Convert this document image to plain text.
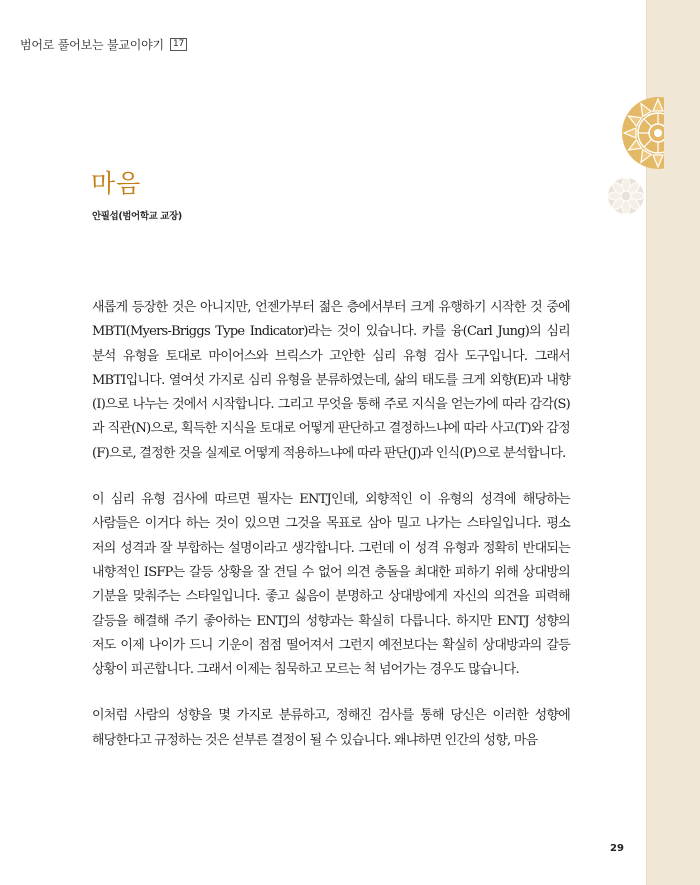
범어로 풀어보는 불교이야기	17
마음
안필섭(범어학교 교장)

새롭게 등장한 것은 아니지만, 언젠가부터 젊은 층에서부터 크게 유행하기 시작한 것 중에 MBTI(Myers-Briggs Type Indicator)라는 것이 있습니다. 카를 융(Carl Jung)의 심리 분석 유형을 토대로 마이어스와 브릭스가 고안한 심리 유형 검사 도구입니다. 그래서 MBTI입니다. 열여섯 가지로 심리 유형을 분류하였는데, 삶의 태도를 크게 외향(E)과 내향(I)으로 나누는 것에서 시작합니다. 그리고 무엇을 통해 주로 지식을 얻는가에 따라 감각(S)과 직관(N)으로, 획득한 지식을 토대로 어떻게 판단하고 결정하느냐에 따라 사고(T)와 감정(F)으로, 결정한 것을 실제로 어떻게 적용하느냐에 따라 판단(J)과 인식(P)으로 분석합니다.

이 심리 유형 검사에 따르면 필자는 ENTJ인데, 외향적인 이 유형의 성격에 해당하는 사람들은 이거다 하는 것이 있으면 그것을 목표로 삼아 밀고 나가는 스타일입니다. 평소 저의 성격과 잘 부합하는 설명이라고 생각합니다. 그런데 이 성격 유형과 정확히 반대되는 내향적인 ISFP는 갈등 상황을 잘 견딜 수 없어 의견 충돌을 최대한 피하기 위해 상대방의 기분을 맞춰주는 스타일입니다. 좋고 싫음이 분명하고 상대방에게 자신의 의견을 피력해 갈등을 해결해 주기 좋아하는 ENTJ의 성향과는 확실히 다릅니다. 하지만 ENTJ 성향의 저도 이제 나이가 드니 기운이 점점 떨어져서 그런지 예전보다는 확실히 상대방과의 갈등 상황이 피곤합니다. 그래서 이제는 침묵하고 모르는 척 넘어가는 경우도 많습니다.

이처럼 사람의 성향을 몇 가지로 분류하고, 정해진 검사를 통해 당신은 이러한 성향에 해당한다고 규정하는 것은 섣부른 결정이 될 수 있습니다. 왜냐하면 인간의 성향, 마음

29
